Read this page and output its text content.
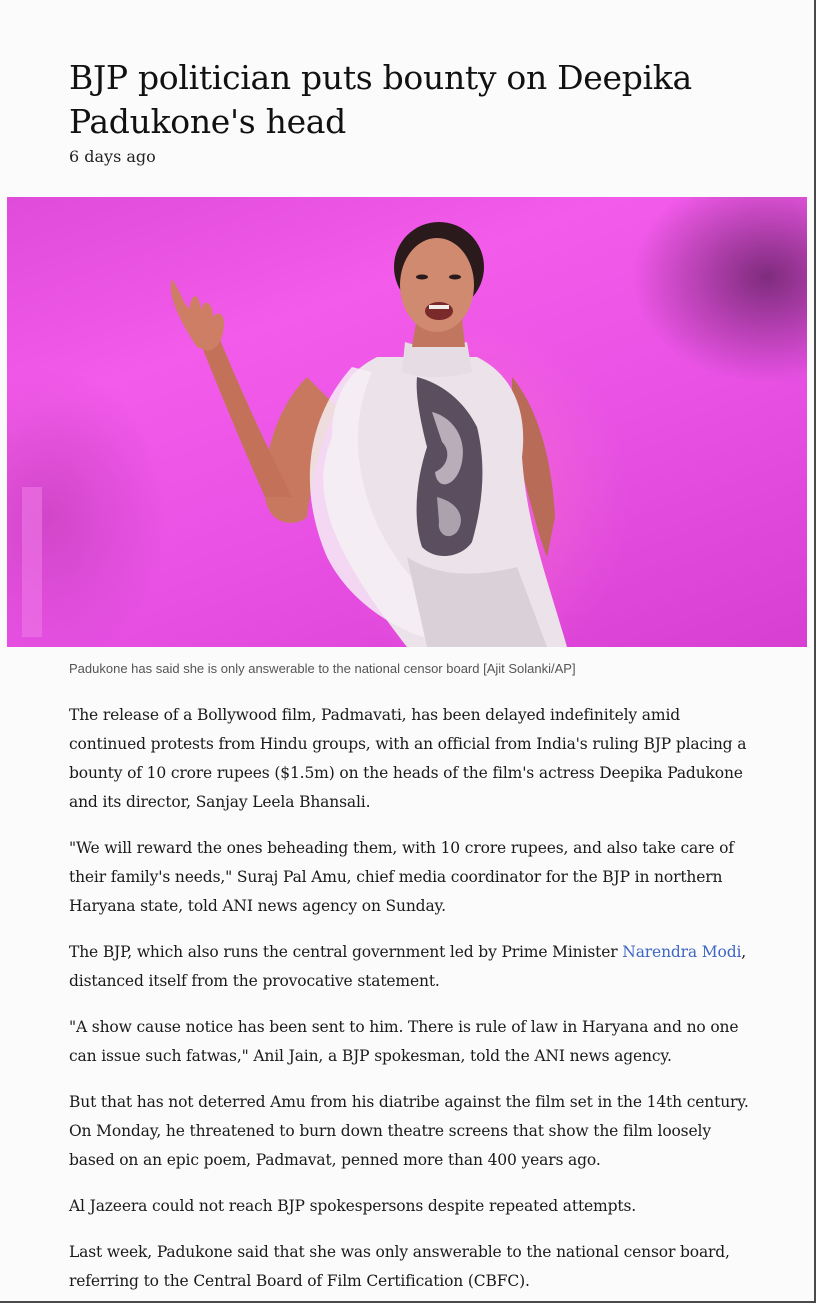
BJP politician puts bounty on Deepika Padukone's head
6 days ago
Padukone has said she is only answerable to the national censor board [Ajit Solanki/AP]

The release of a Bollywood film, Padmavati, has been delayed indefinitely amid continued protests from Hindu groups, with an official from India's ruling BJP placing a bounty of 10 crore rupees ($1.5m) on the heads of the film's actress Deepika Padukone and its director, Sanjay Leela Bhansali.

"We will reward the ones beheading them, with 10 crore rupees, and also take care of their family's needs," Suraj Pal Amu, chief media coordinator for the BJP in northern Haryana state, told ANI news agency on Sunday.

The BJP, which also runs the central government led by Prime Minister Narendra Modi, distanced itself from the provocative statement.

"A show cause notice has been sent to him. There is rule of law in Haryana and no one can issue such fatwas," Anil Jain, a BJP spokesman, told the ANI news agency.

But that has not deterred Amu from his diatribe against the film set in the 14th century. On Monday, he threatened to burn down theatre screens that show the film loosely based on an epic poem, Padmavat, penned more than 400 years ago.

Al Jazeera could not reach BJP spokespersons despite repeated attempts.

Last week, Padukone said that she was only answerable to the national censor board, referring to the Central Board of Film Certification (CBFC).
